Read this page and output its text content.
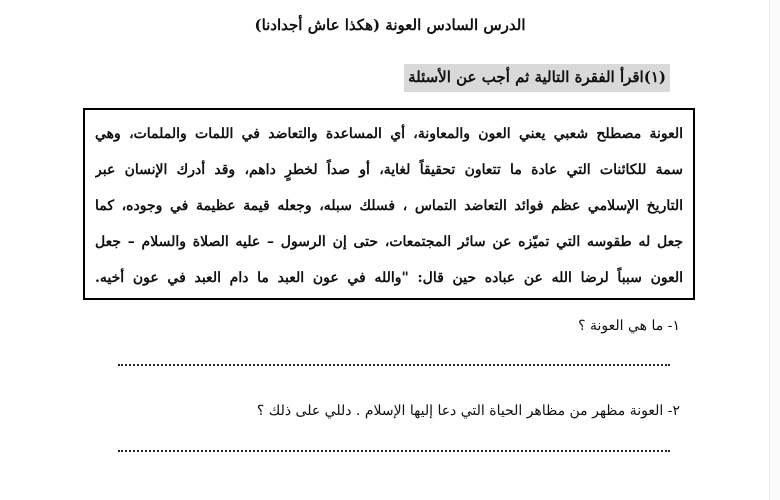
الدرس السادس العونة (هكذا عاش أجدادنا)
(١)اقرأ الفقرة التالية ثم أجب عن الأسئلة
العونة مصطلح شعبي يعني العون والمعاونة، أي المساعدة والتعاضد في اللمات والملمات، وهي
سمة للكائنات التي عادة ما تتعاون تحقيقاً لغاية، أو صداً لخطرٍ داهم، وقد أدرك الإنسان عبر
التاريخ الإسلامي عظم فوائد التعاضد التماس ، فسلك سبله، وجعله قيمة عظيمة في وجوده، كما
جعل له طقوسه التي تميّزه عن سائر المجتمعات، حتى إن الرسول – عليه الصلاة والسلام – جعل
العون سبباً لرضا الله عن عباده حين قال: "والله في عون العبد ما دام العبد في عون أخيه.
١- ما هي العونة ؟
٢- العونة مظهر من مظاهر الحياة التي دعا إليها الإسلام . دللي على ذلك ؟
